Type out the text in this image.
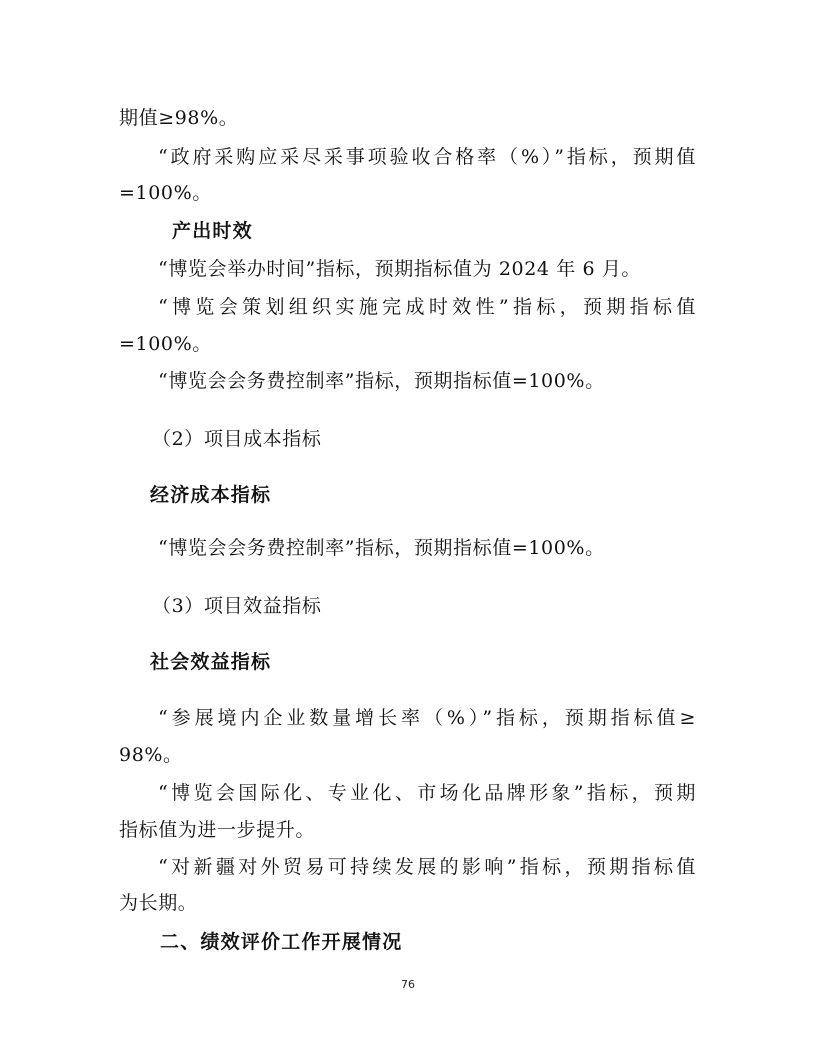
期值≥98%。
“政府采购应采尽采事项验收合格率（%）”指标，预期值
=100%。
产出时效
“博览会举办时间”指标，预期指标值为 2024 年 6 月。
“博览会策划组织实施完成时效性”指标，预期指标值
=100%。
“博览会会务费控制率”指标，预期指标值=100%。
（2）项目成本指标
经济成本指标
“博览会会务费控制率”指标，预期指标值=100%。
（3）项目效益指标
社会效益指标
“参展境内企业数量增长率（%）”指标，预期指标值≥
98%。
“博览会国际化、专业化、市场化品牌形象”指标，预期
指标值为进一步提升。
“对新疆对外贸易可持续发展的影响”指标，预期指标值
为长期。
二、绩效评价工作开展情况
76
